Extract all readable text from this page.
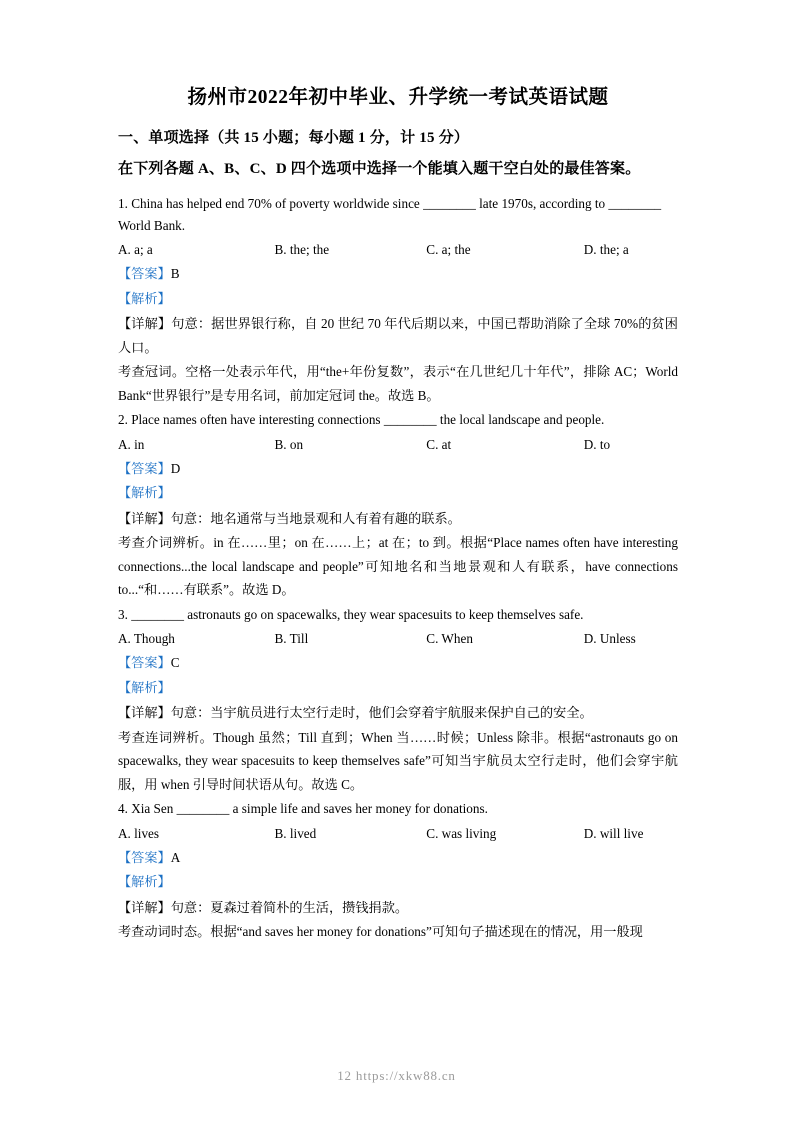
扬州市2022年初中毕业、升学统一考试英语试题
一、单项选择（共 15 小题；每小题 1 分，计 15 分）
在下列各题 A、B、C、D 四个选项中选择一个能填入题干空白处的最佳答案。
1. China has helped end 70% of poverty worldwide since ________ late 1970s, according to ________ World Bank.
A. a; a	B. the; the	C. a; the	D. the; a
【答案】B
【解析】
【详解】句意：据世界银行称，自 20 世纪 70 年代后期以来，中国已帮助消除了全球 70%的贫困人口。
考查冠词。空格一处表示年代，用“the+年份复数”，表示“在几世纪几十年代”，排除 AC；World Bank“世界银行”是专用名词，前加定冠词 the。故选 B。
2. Place names often have interesting connections ________ the local landscape and people.
A. in	B. on	C. at	D. to
【答案】D
【解析】
【详解】句意：地名通常与当地景观和人有着有趣的联系。
考查介词辨析。in 在……里；on 在……上；at 在；to 到。根据“Place names often have interesting connections...the local landscape and people”可知地名和当地景观和人有联系，have connections to...“和……有联系”。故选 D。
3. ________ astronauts go on spacewalks, they wear spacesuits to keep themselves safe.
A. Though	B. Till	C. When	D. Unless
【答案】C
【解析】
【详解】句意：当宇航员进行太空行走时，他们会穿着宇航服来保护自己的安全。
考查连词辨析。Though 虽然；Till 直到；When 当……时候；Unless 除非。根据“astronauts go on spacewalks, they wear spacesuits to keep themselves safe”可知当宇航员太空行走时，他们会穿宇航服，用 when 引导时间状语从句。故选 C。
4. Xia Sen ________ a simple life and saves her money for donations.
A. lives	B. lived	C. was living	D. will live
【答案】A
【解析】
【详解】句意：夏森过着简朴的生活，攒钱捐款。
考查动词时态。根据“and saves her money for donations”可知句子描述现在的情况，用一般现
12 https://xkw88.cn
